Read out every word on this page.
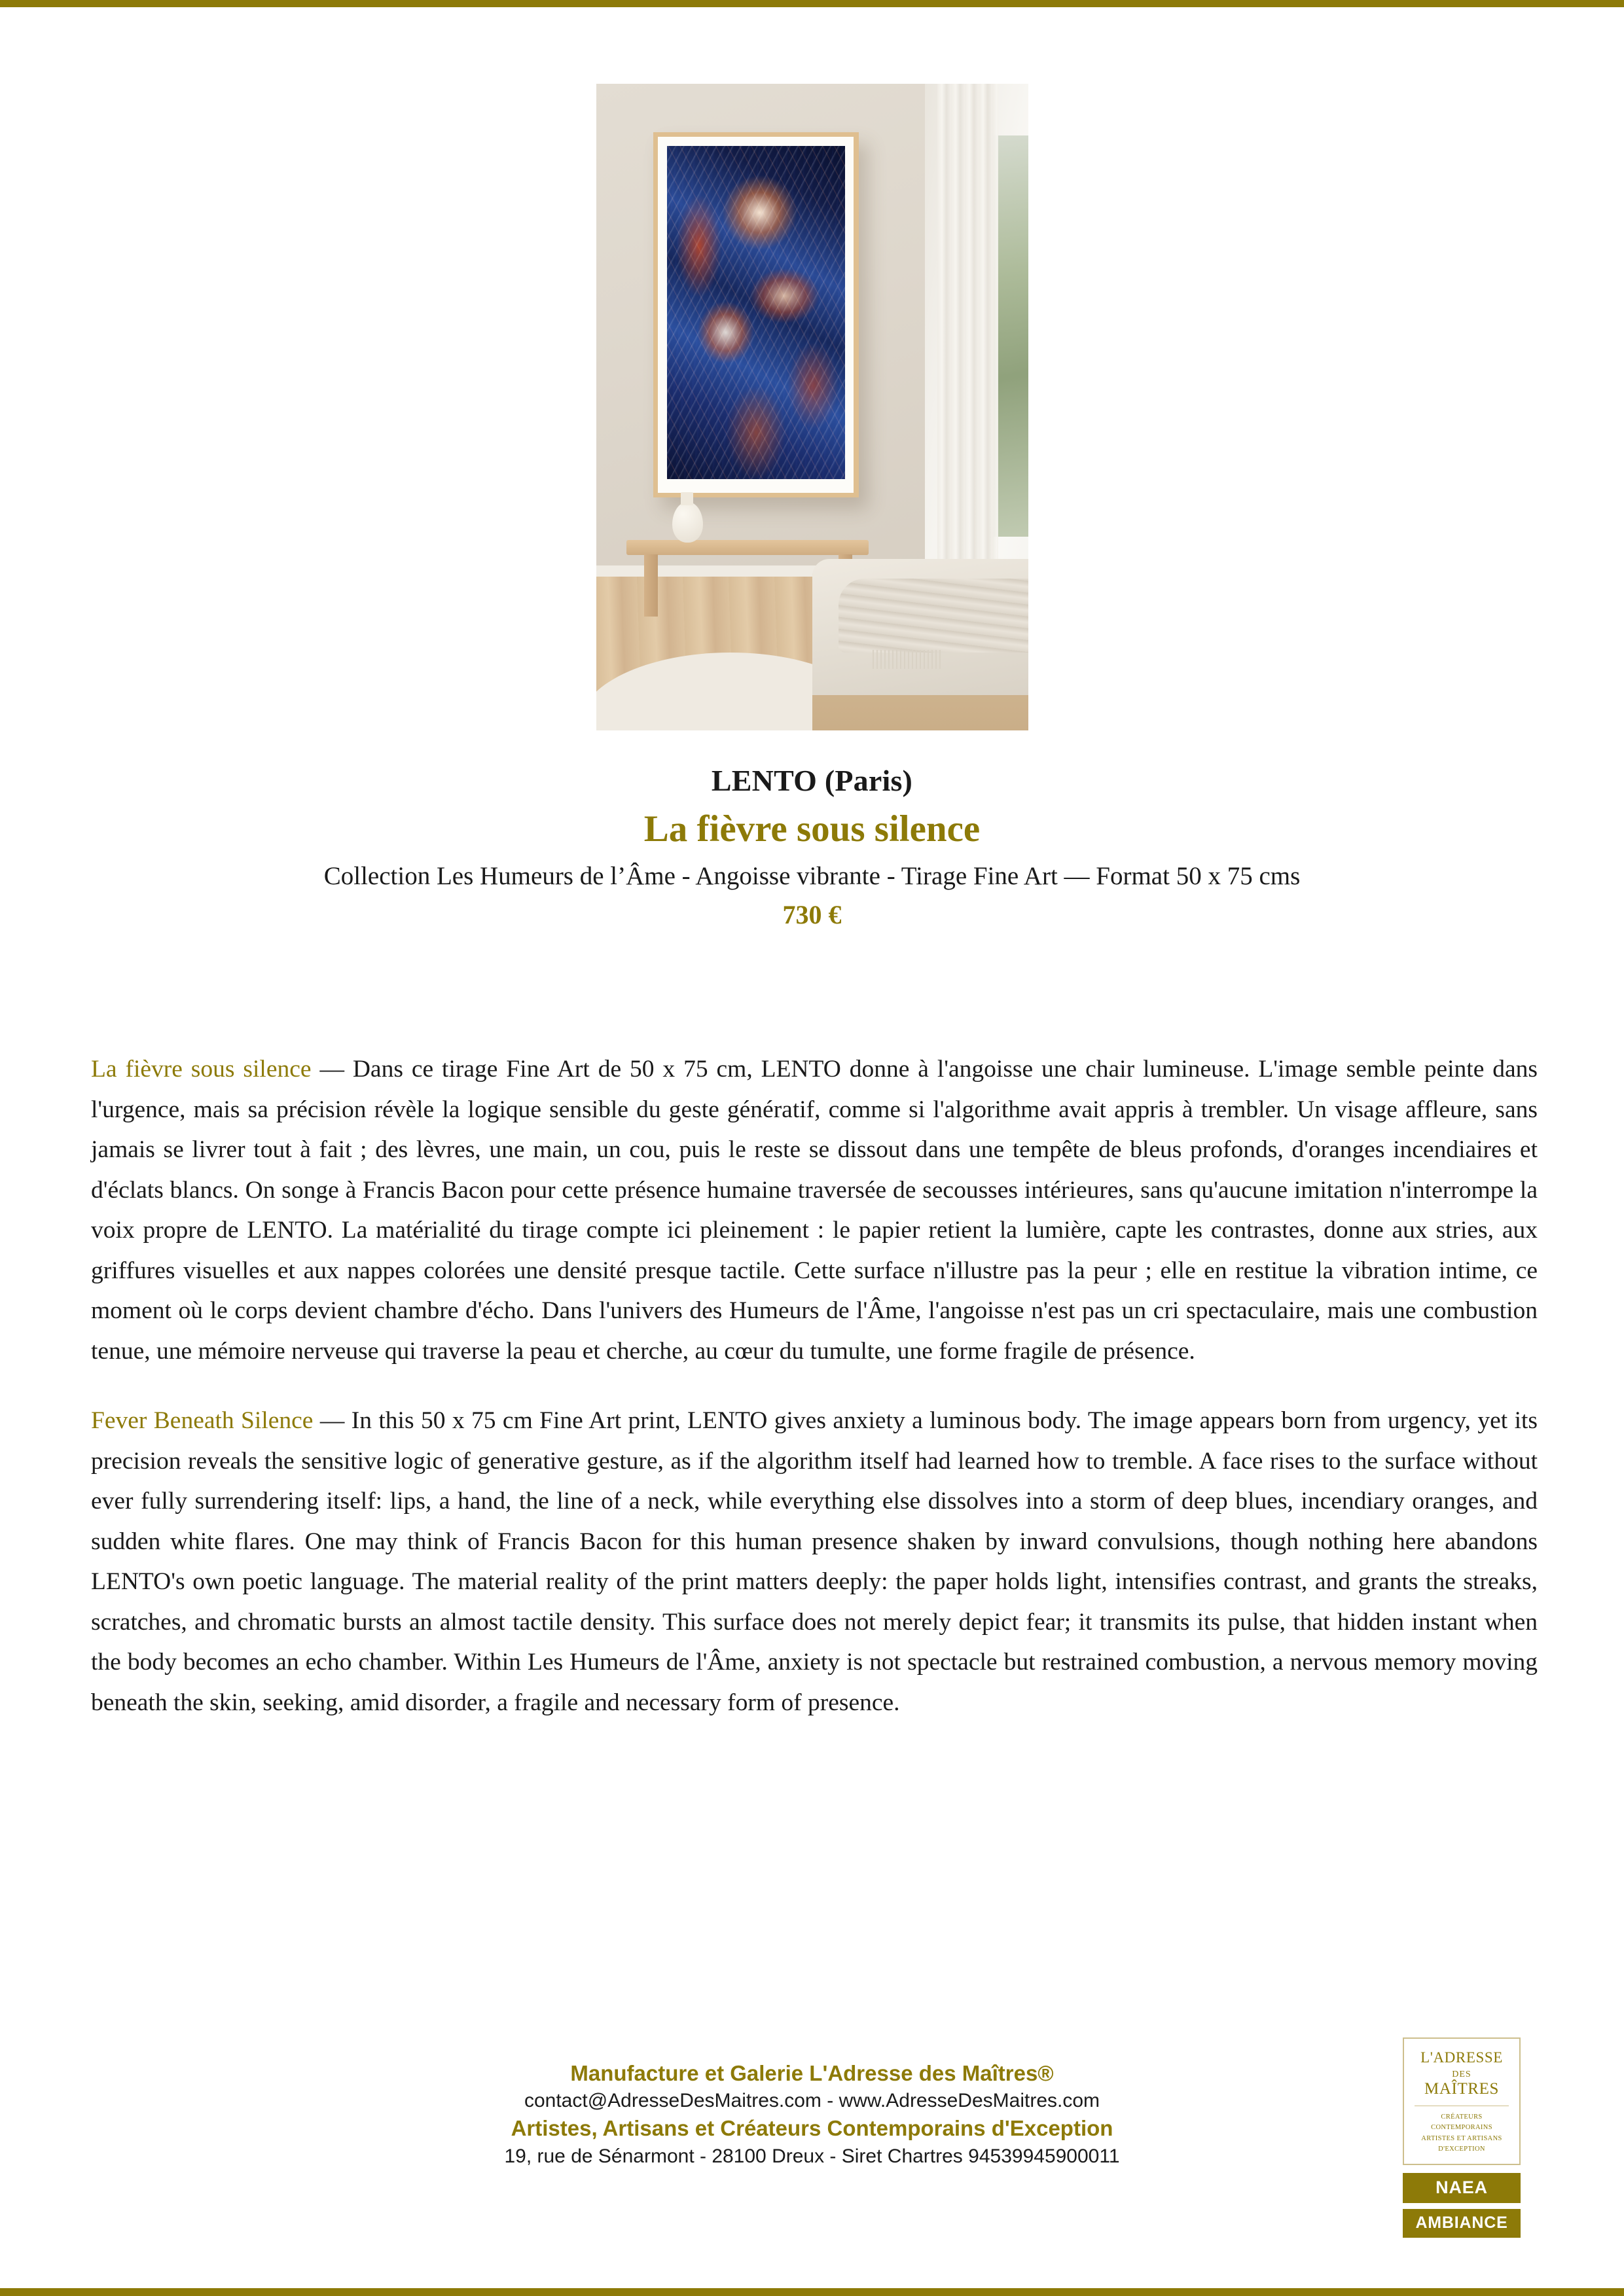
LENTO (Paris)
La fièvre sous silence

Collection Les Humeurs de l’Âme - Angoisse vibrante - Tirage Fine Art — Format 50 x 75 cms

730 €

La fièvre sous silence — Dans ce tirage Fine Art de 50 x 75 cm, LENTO donne à l'angoisse une chair lumineuse. L'image semble peinte dans l'urgence, mais sa précision révèle la logique sensible du geste génératif, comme si l'algorithme avait appris à trembler. Un visage affleure, sans jamais se livrer tout à fait ; des lèvres, une main, un cou, puis le reste se dissout dans une tempête de bleus profonds, d'oranges incendiaires et d'éclats blancs. On songe à Francis Bacon pour cette présence humaine traversée de secousses intérieures, sans qu'aucune imitation n'interrompe la voix propre de LENTO. La matérialité du tirage compte ici pleinement : le papier retient la lumière, capte les contrastes, donne aux stries, aux griffures visuelles et aux nappes colorées une densité presque tactile. Cette surface n'illustre pas la peur ; elle en restitue la vibration intime, ce moment où le corps devient chambre d'écho. Dans l'univers des Humeurs de l'Âme, l'angoisse n'est pas un cri spectaculaire, mais une combustion tenue, une mémoire nerveuse qui traverse la peau et cherche, au cœur du tumulte, une forme fragile de présence.

Fever Beneath Silence — In this 50 x 75 cm Fine Art print, LENTO gives anxiety a luminous body. The image appears born from urgency, yet its precision reveals the sensitive logic of generative gesture, as if the algorithm itself had learned how to tremble. A face rises to the surface without ever fully surrendering itself: lips, a hand, the line of a neck, while everything else dissolves into a storm of deep blues, incendiary oranges, and sudden white flares. One may think of Francis Bacon for this human presence shaken by inward convulsions, though nothing here abandons LENTO's own poetic language. The material reality of the print matters deeply: the paper holds light, intensifies contrast, and grants the streaks, scratches, and chromatic bursts an almost tactile density. This surface does not merely depict fear; it transmits its pulse, that hidden instant when the body becomes an echo chamber. Within Les Humeurs de l'Âme, anxiety is not spectacle but restrained combustion, a nervous memory moving beneath the skin, seeking, amid disorder, a fragile and necessary form of presence.

Manufacture et Galerie L'Adresse des Maîtres®
contact@AdresseDesMaitres.com - www.AdresseDesMaitres.com
Artistes, Artisans et Créateurs Contemporains d'Exception
19, rue de Sénarmont - 28100 Dreux - Siret Chartres 94539945900011
L'ADRESSE
DES
MAÎTRES
CRÉATEURS CONTEMPORAINS
ARTISTES ET ARTISANS
D'EXCEPTION
NAEA
AMBIANCE
